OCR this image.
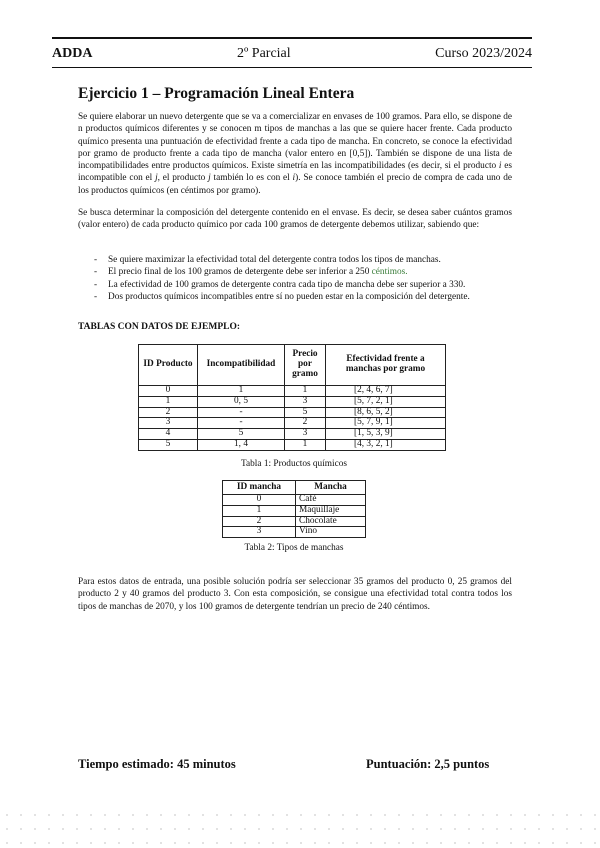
ADDA	2º Parcial	Curso 2023/2024
Ejercicio 1 – Programación Lineal Entera
Se quiere elaborar un nuevo detergente que se va a comercializar en envases de 100 gramos. Para ello, se dispone de n productos químicos diferentes y se conocen m tipos de manchas a las que se quiere hacer frente. Cada producto químico presenta una puntuación de efectividad frente a cada tipo de mancha. En concreto, se conoce la efectividad por gramo de producto frente a cada tipo de mancha (valor entero en [0,5]). También se dispone de una lista de incompatibilidades entre productos químicos. Existe simetría en las incompatibilidades (es decir, si el producto i es incompatible con el j, el producto j también lo es con el i). Se conoce también el precio de compra de cada uno de los productos químicos (en céntimos por gramo).
Se busca determinar la composición del detergente contenido en el envase. Es decir, se desea saber cuántos gramos (valor entero) de cada producto químico por cada 100 gramos de detergente debemos utilizar, sabiendo que:
- Se quiere maximizar la efectividad total del detergente contra todos los tipos de manchas.
- El precio final de los 100 gramos de detergente debe ser inferior a 250 céntimos.
- La efectividad de 100 gramos de detergente contra cada tipo de mancha debe ser superior a 330.
- Dos productos químicos incompatibles entre sí no pueden estar en la composición del detergente.
TABLAS CON DATOS DE EJEMPLO:
ID Producto	Incompatibilidad	Precio por gramo	Efectividad frente a manchas por gramo
0	1	1	[2, 4, 6, 7]
1	0, 5	3	[5, 7, 2, 1]
2	-	5	[8, 6, 5, 2]
3	-	2	[5, 7, 9, 1]
4	5	3	[1, 5, 3, 9]
5	1, 4	1	[4, 3, 2, 1]
Tabla 1: Productos químicos
ID mancha	Mancha
0	Café
1	Maquillaje
2	Chocolate
3	Vino
Tabla 2: Tipos de manchas
Para estos datos de entrada, una posible solución podría ser seleccionar 35 gramos del producto 0, 25 gramos del producto 2 y 40 gramos del producto 3. Con esta composición, se consigue una efectividad total contra todos los tipos de manchas de 2070, y los 100 gramos de detergente tendrían un precio de 240 céntimos.
Tiempo estimado: 45 minutos	Puntuación: 2,5 puntos
